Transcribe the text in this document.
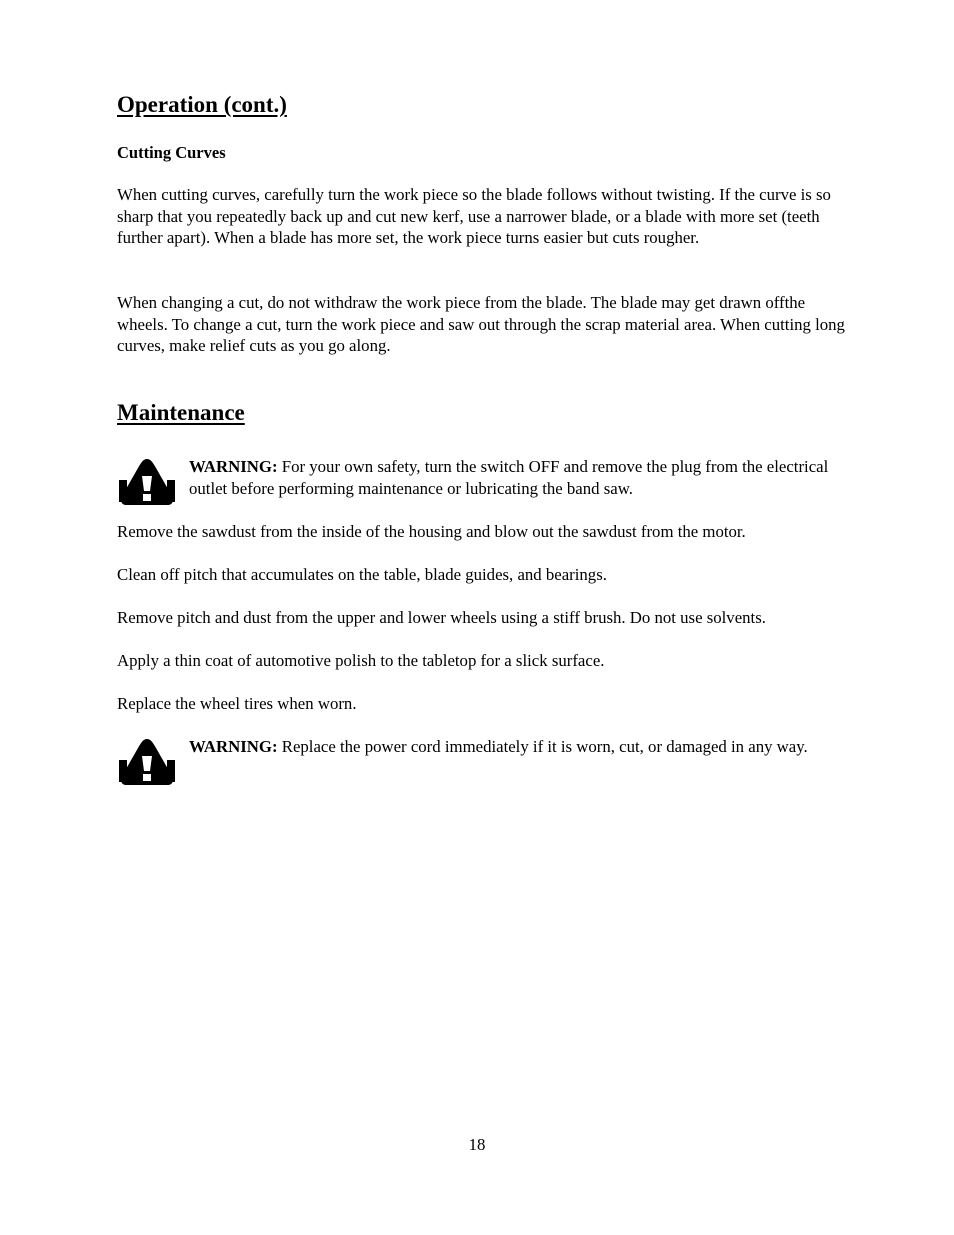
Operation (cont.)
Cutting Curves
When cutting curves, carefully turn the work piece so the blade follows without twisting. If the curve is so sharp that you repeatedly back up and cut new kerf, use a narrower blade, or a blade with more set (teeth further apart). When a blade has more set, the work piece turns easier but cuts rougher.
When changing a cut, do not withdraw the work piece from the blade. The blade may get drawn offthe wheels. To change a cut, turn the work piece and saw out through the scrap material area. When cutting long curves, make relief cuts as you go along.
Maintenance
WARNING: For your own safety, turn the switch OFF and remove the plug from the electrical outlet before performing maintenance or lubricating the band saw.
Remove the sawdust from the inside of the housing and blow out the sawdust from the motor.
Clean off pitch that accumulates on the table, blade guides, and bearings.
Remove pitch and dust from the upper and lower wheels using a stiff brush. Do not use solvents.
Apply a thin coat of automotive polish to the tabletop for a slick surface.
Replace the wheel tires when worn.
WARNING: Replace the power cord immediately if it is worn, cut, or damaged in any way.
18
